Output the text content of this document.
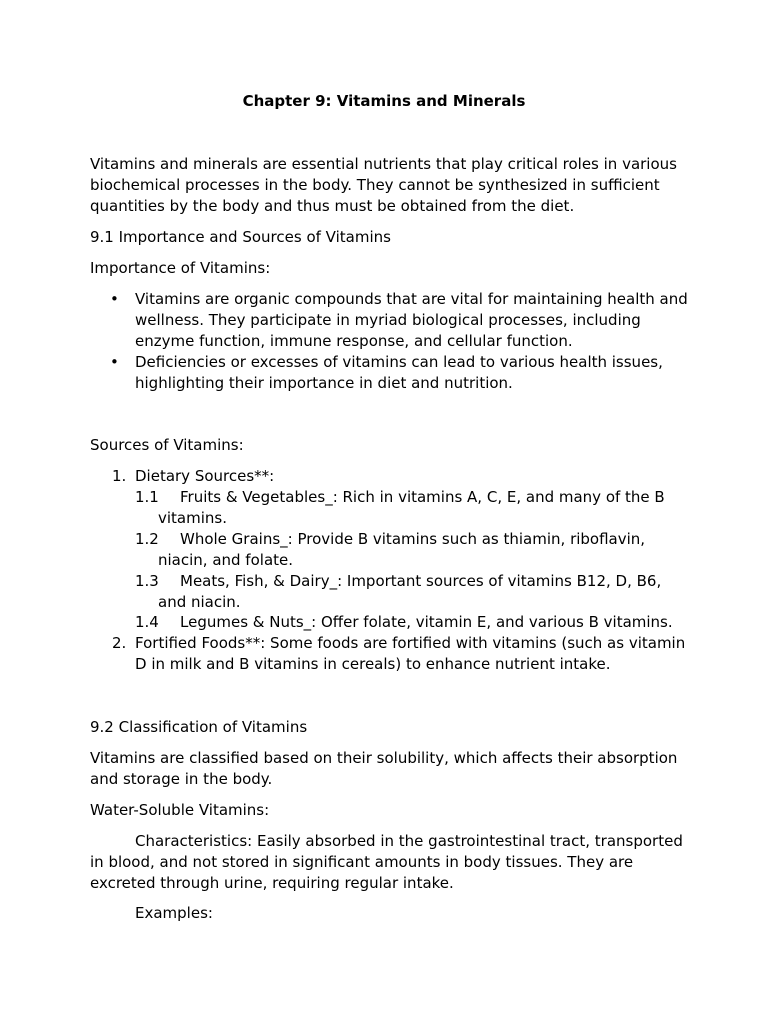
Chapter 9: Vitamins and Minerals

Vitamins and minerals are essential nutrients that play critical roles in various biochemical processes in the body. They cannot be synthesized in sufficient quantities by the body and thus must be obtained from the diet.

9.1 Importance and Sources of Vitamins

Importance of Vitamins:

•	Vitamins are organic compounds that are vital for maintaining health and wellness. They participate in myriad biological processes, including enzyme function, immune response, and cellular function.
•	Deficiencies or excesses of vitamins can lead to various health issues, highlighting their importance in diet and nutrition.

Sources of Vitamins:

1. Dietary Sources**:
1.1 Fruits & Vegetables_: Rich in vitamins A, C, E, and many of the B vitamins.
1.2 Whole Grains_: Provide B vitamins such as thiamin, riboflavin, niacin, and folate.
1.3 Meats, Fish, & Dairy_: Important sources of vitamins B12, D, B6, and niacin.
1.4 Legumes & Nuts_: Offer folate, vitamin E, and various B vitamins.
2. Fortified Foods**: Some foods are fortified with vitamins (such as vitamin D in milk and B vitamins in cereals) to enhance nutrient intake.

9.2 Classification of Vitamins

Vitamins are classified based on their solubility, which affects their absorption and storage in the body.

Water-Soluble Vitamins:

Characteristics: Easily absorbed in the gastrointestinal tract, transported in blood, and not stored in significant amounts in body tissues. They are excreted through urine, requiring regular intake.

Examples:
